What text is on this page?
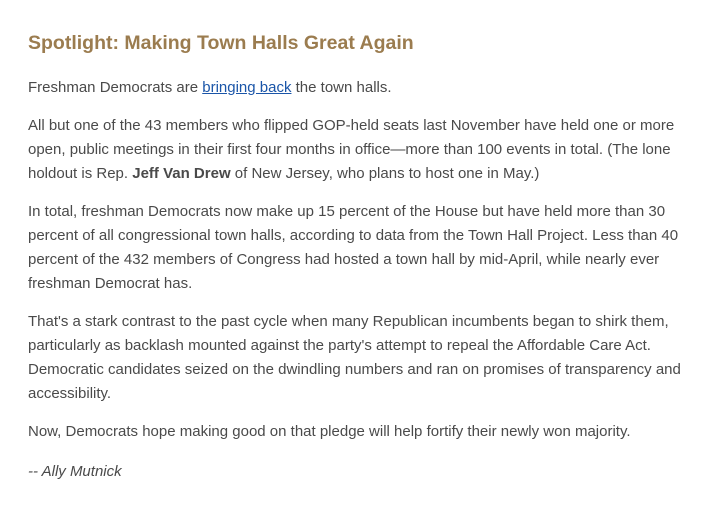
Spotlight: Making Town Halls Great Again

Freshman Democrats are bringing back the town halls.

All but one of the 43 members who flipped GOP-held seats last November have held one or more open, public meetings in their first four months in office—more than 100 events in total. (The lone holdout is Rep. Jeff Van Drew of New Jersey, who plans to host one in May.)

In total, freshman Democrats now make up 15 percent of the House but have held more than 30 percent of all congressional town halls, according to data from the Town Hall Project. Less than 40 percent of the 432 members of Congress had hosted a town hall by mid-April, while nearly ever freshman Democrat has.

That's a stark contrast to the past cycle when many Republican incumbents began to shirk them, particularly as backlash mounted against the party's attempt to repeal the Affordable Care Act. Democratic candidates seized on the dwindling numbers and ran on promises of transparency and accessibility.

Now, Democrats hope making good on that pledge will help fortify their newly won majority.

-- Ally Mutnick
